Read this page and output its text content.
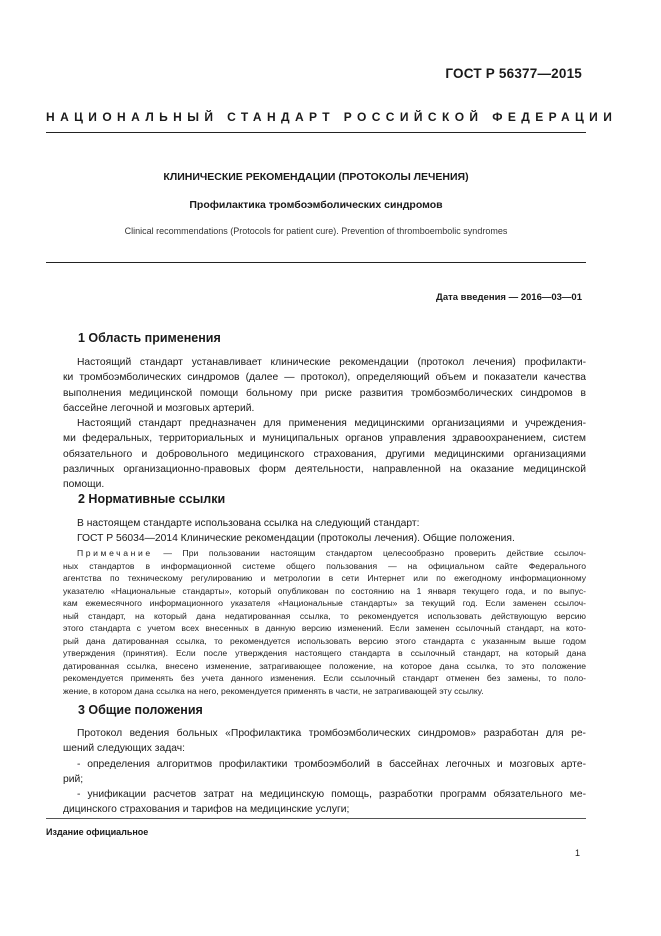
ГОСТ Р 56377—2015
НАЦИОНАЛЬНЫЙ СТАНДАРТ РОССИЙСКОЙ ФЕДЕРАЦИИ
КЛИНИЧЕСКИЕ РЕКОМЕНДАЦИИ (ПРОТОКОЛЫ ЛЕЧЕНИЯ)
Профилактика тромбоэмболических синдромов
Clinical recommendations (Protocols for patient cure). Prevention of thromboembolic syndromes
Дата введения — 2016—03—01
1 Область применения
Настоящий стандарт устанавливает клинические рекомендации (протокол лечения) профилакти-
ки тромбоэмболических синдромов (далее — протокол), определяющий объем и показатели качества
выполнения медицинской помощи больному при риске развития тромбоэмболических синдромов в
бассейне легочной и мозговых артерий.
Настоящий стандарт предназначен для применения медицинскими организациями и учреждения-
ми федеральных, территориальных и муниципальных органов управления здравоохранением, систем
обязательного и добровольного медицинского страхования, другими медицинскими организациями
различных организационно-правовых форм деятельности, направленной на оказание медицинской
помощи.
2 Нормативные ссылки
В настоящем стандарте использована ссылка на следующий стандарт:
ГОСТ Р 56034—2014 Клинические рекомендации (протоколы лечения). Общие положения.
Примечание — При пользовании настоящим стандартом целесообразно проверить действие ссылоч-
ных стандартов в информационной системе общего пользования — на официальном сайте Федерального
агентства по техническому регулированию и метрологии в сети Интернет или по ежегодному информационному
указателю «Национальные стандарты», который опубликован по состоянию на 1 января текущего года, и по выпус-
кам ежемесячного информационного указателя «Национальные стандарты» за текущий год. Если заменен ссылоч-
ный стандарт, на который дана недатированная ссылка, то рекомендуется использовать действующую версию
этого стандарта с учетом всех внесенных в данную версию изменений. Если заменен ссылочный стандарт, на кото-
рый дана датированная ссылка, то рекомендуется использовать версию этого стандарта с указанным выше годом
утверждения (принятия). Если после утверждения настоящего стандарта в ссылочный стандарт, на который дана
датированная ссылка, внесено изменение, затрагивающее положение, на которое дана ссылка, то это положение
рекомендуется применять без учета данного изменения. Если ссылочный стандарт отменен без замены, то поло-
жение, в котором дана ссылка на него, рекомендуется применять в части, не затрагивающей эту ссылку.
3 Общие положения
Протокол ведения больных «Профилактика тромбоэмболических синдромов» разработан для ре-
шений следующих задач:
- определения алгоритмов профилактики тромбоэмболий в бассейнах легочных и мозговых артe-
рий;
- унификации расчетов затрат на медицинскую помощь, разработки программ обязательного ме-
дицинского страхования и тарифов на медицинские услуги;
Издание официальное
1
